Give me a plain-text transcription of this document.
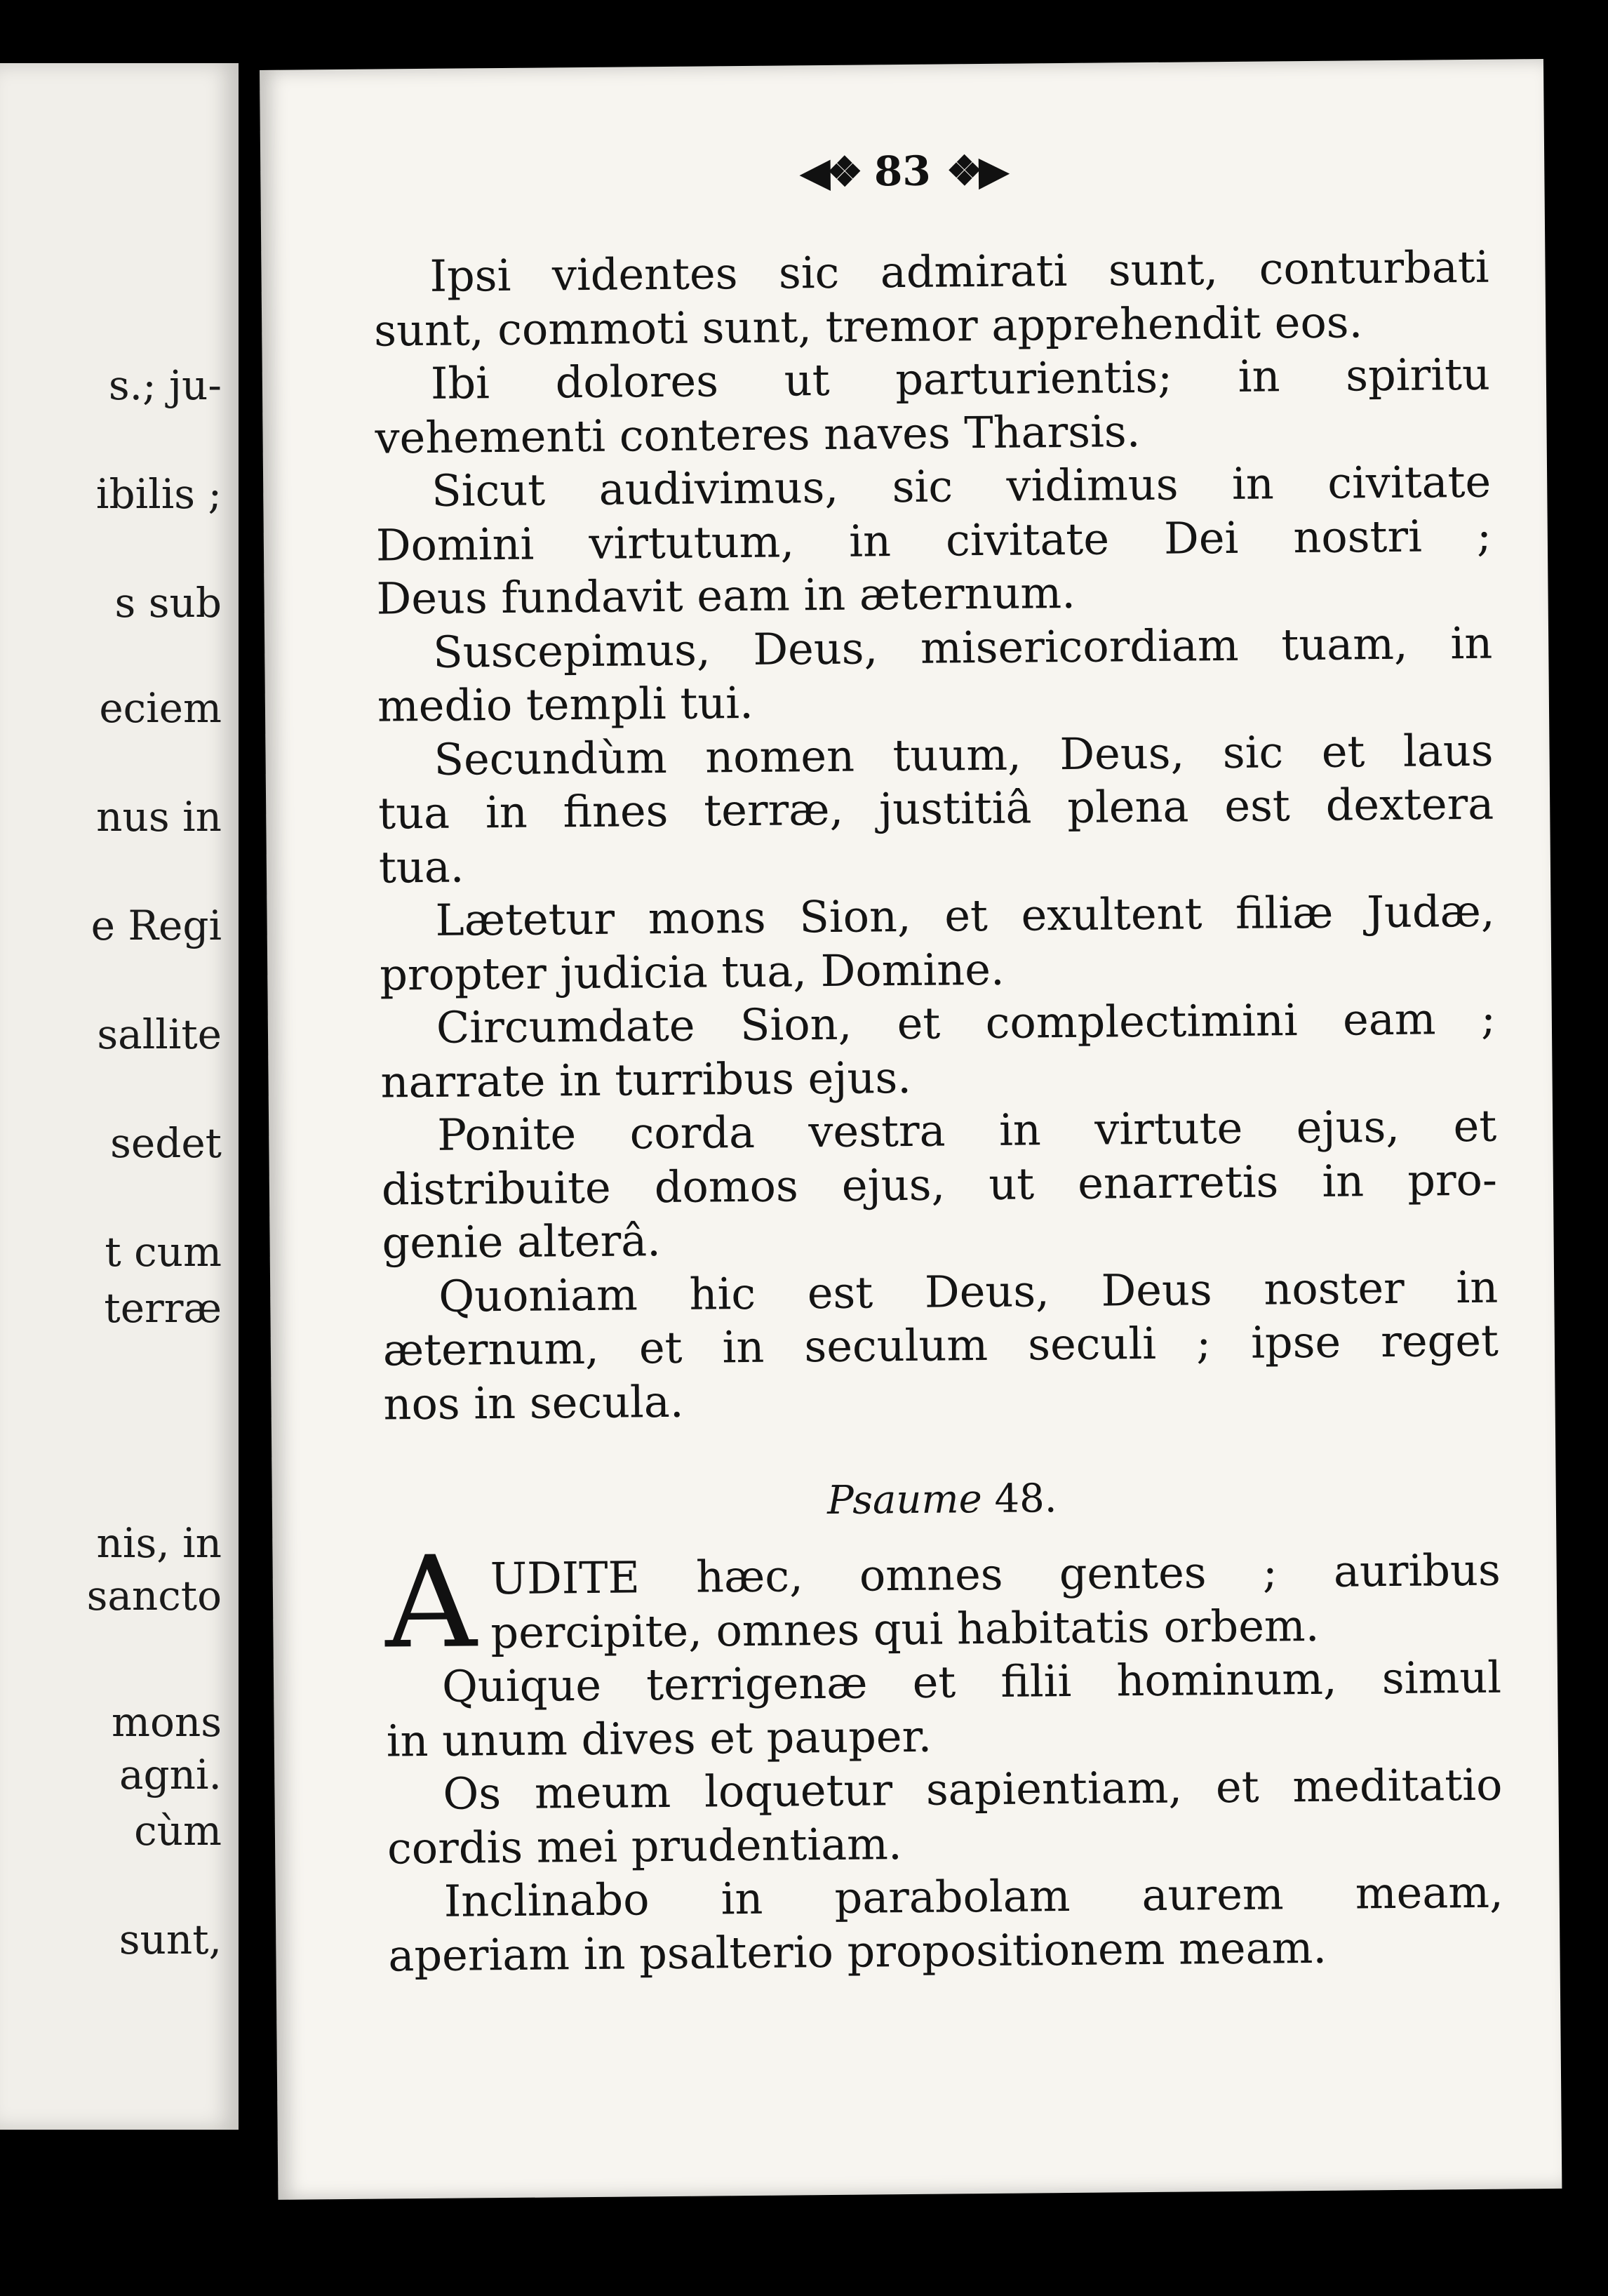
s.; ju-
ibilis ;
s sub
eciem
nus in
e Regi
sallite
sedet
t cum
terræ
nis, in
sancto
mons
agni.
cùm
sunt,
◀❖ 83 ❖▶
Ipsi videntes sic admirati sunt, conturbati
sunt, commoti sunt, tremor apprehendit eos.
Ibi dolores ut parturientis; in spiritu
vehementi conteres naves Tharsis.
Sicut audivimus, sic vidimus in civitate
Domini virtutum, in civitate Dei nostri ;
Deus fundavit eam in æternum.
Suscepimus, Deus, misericordiam tuam, in
medio templi tui.
Secundùm nomen tuum, Deus, sic et laus
tua in fines terræ, justitiâ plena est dextera
tua.
Lætetur mons Sion, et exultent filiæ Judæ,
propter judicia tua, Domine.
Circumdate Sion, et complectimini eam ;
narrate in turribus ejus.
Ponite corda vestra in virtute ejus, et
distribuite domos ejus, ut enarretis in pro-
genie alterâ.
Quoniam hic est Deus, Deus noster in
æternum, et in seculum seculi ; ipse reget
nos in secula.
Psaume 48.
A UDITE hæc, omnes gentes ; auribus
percipite, omnes qui habitatis orbem.
Quique terrigenæ et filii hominum, simul
in unum dives et pauper.
Os meum loquetur sapientiam, et meditatio
cordis mei prudentiam.
Inclinabo in parabolam aurem meam,
aperiam in psalterio propositionem meam.
